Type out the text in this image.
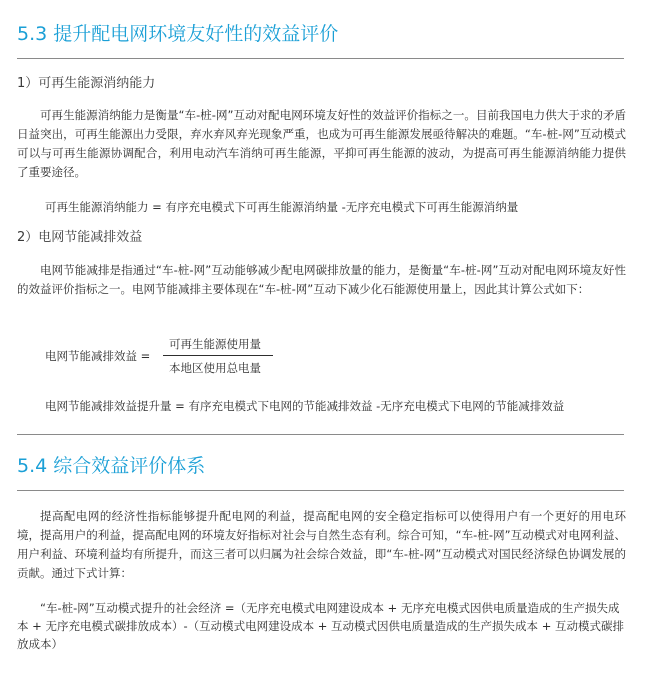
5.3 提升配电网环境友好性的效益评价
1）可再生能源消纳能力

可再生能源消纳能力是衡量“车-桩-网”互动对配电网环境友好性的效益评价指标之一。目前我国电力供大于求的矛盾日益突出，可再生能源出力受限，弃水弃风弃光现象严重，也成为可再生能源发展亟待解决的难题。“车-桩-网”互动模式可以与可再生能源协调配合，利用电动汽车消纳可再生能源，平抑可再生能源的波动，为提高可再生能源消纳能力提供了重要途径。

可再生能源消纳能力 = 有序充电模式下可再生能源消纳量 -无序充电模式下可再生能源消纳量
2）电网节能减排效益

电网节能减排是指通过“车-桩-网”互动能够减少配电网碳排放量的能力，是衡量“车-桩-网”互动对配电网环境友好性的效益评价指标之一。电网节能减排主要体现在“车-桩-网”互动下减少化石能源使用量上，因此其计算公式如下：

电网节能减排效益 =
可再生能源使用量
本地区使用总电量
电网节能减排效益提升量 = 有序充电模式下电网的节能减排效益 -无序充电模式下电网的节能减排效益
5.4 综合效益评价体系

提高配电网的经济性指标能够提升配电网的利益，提高配电网的安全稳定指标可以使得用户有一个更好的用电环境，提高用户的利益，提高配电网的环境友好指标对社会与自然生态有利。综合可知，“车-桩-网”互动模式对电网利益、用户利益、环境利益均有所提升，而这三者可以归属为社会综合效益，即“车-桩-网”互动模式对国民经济绿色协调发展的贡献。通过下式计算：

“车-桩-网”互动模式提升的社会经济 =（无序充电模式电网建设成本 + 无序充电模式因供电质量造成的生产损失成本 + 无序充电模式碳排放成本）-（互动模式电网建设成本 + 互动模式因供电质量造成的生产损失成本 + 互动模式碳排放成本）
